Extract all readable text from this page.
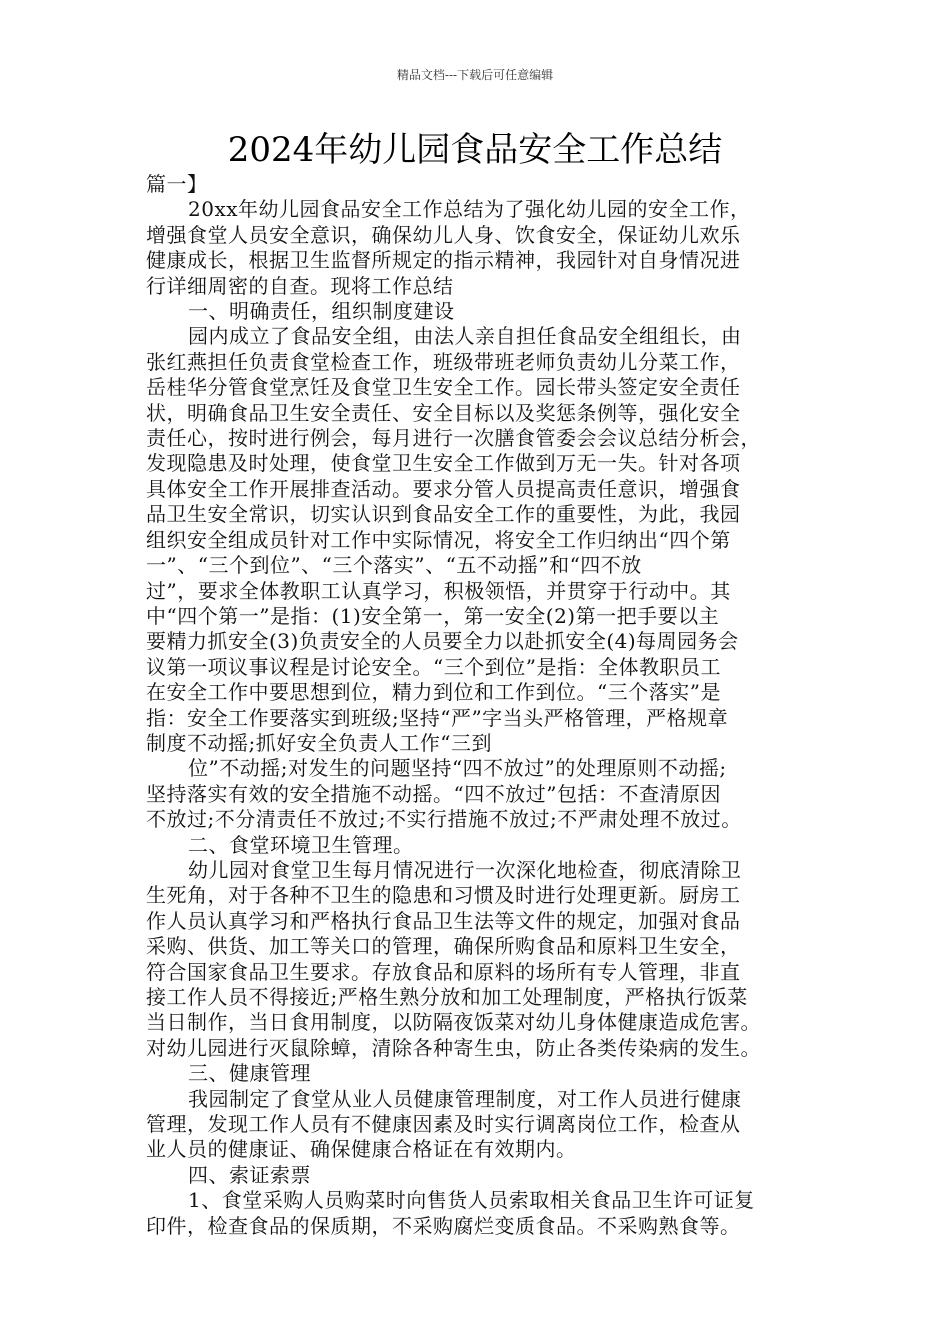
精品文档---下载后可任意编辑
2024年幼儿园食品安全工作总结

篇一】

20xx年幼儿园食品安全工作总结为了强化幼儿园的安全工作，
增强食堂人员安全意识，确保幼儿人身、饮食安全，保证幼儿欢乐
健康成长，根据卫生监督所规定的指示精神，我园针对自身情况进
行详细周密的自查。现将工作总结

一、明确责任，组织制度建设

园内成立了食品安全组，由法人亲自担任食品安全组组长，由
张红燕担任负责食堂检查工作，班级带班老师负责幼儿分菜工作，
岳桂华分管食堂烹饪及食堂卫生安全工作。园长带头签定安全责任
状，明确食品卫生安全责任、安全目标以及奖惩条例等，强化安全
责任心，按时进行例会，每月进行一次膳食管委会会议总结分析会，
发现隐患及时处理，使食堂卫生安全工作做到万无一失。针对各项
具体安全工作开展排查活动。要求分管人员提高责任意识，增强食
品卫生安全常识，切实认识到食品安全工作的重要性，为此，我园
组织安全组成员针对工作中实际情况，将安全工作归纳出“四个第
一”、“三个到位”、“三个落实”、“五不动摇”和“四不放
过”，要求全体教职工认真学习，积极领悟，并贯穿于行动中。其
中“四个第一”是指：(1)安全第一，第一安全(2)第一把手要以主
要精力抓安全(3)负责安全的人员要全力以赴抓安全(4)每周园务会
议第一项议事议程是讨论安全。“三个到位”是指：全体教职员工
在安全工作中要思想到位，精力到位和工作到位。“三个落实”是
指：安全工作要落实到班级;坚持“严”字当头严格管理，严格规章
制度不动摇;抓好安全负责人工作“三到

位”不动摇;对发生的问题坚持“四不放过”的处理原则不动摇;
坚持落实有效的安全措施不动摇。“四不放过”包括：不查清原因
不放过;不分清责任不放过;不实行措施不放过;不严肃处理不放过。

二、食堂环境卫生管理。

幼儿园对食堂卫生每月情况进行一次深化地检查，彻底清除卫
生死角，对于各种不卫生的隐患和习惯及时进行处理更新。厨房工
作人员认真学习和严格执行食品卫生法等文件的规定，加强对食品
采购、供货、加工等关口的管理，确保所购食品和原料卫生安全，
符合国家食品卫生要求。存放食品和原料的场所有专人管理，非直
接工作人员不得接近;严格生熟分放和加工处理制度，严格执行饭菜
当日制作，当日食用制度，以防隔夜饭菜对幼儿身体健康造成危害。
对幼儿园进行灭鼠除蟑，清除各种寄生虫，防止各类传染病的发生。

三、健康管理

我园制定了食堂从业人员健康管理制度，对工作人员进行健康
管理，发现工作人员有不健康因素及时实行调离岗位工作，检查从
业人员的健康证、确保健康合格证在有效期内。

四、索证索票

1、食堂采购人员购菜时向售货人员索取相关食品卫生许可证复
印件，检查食品的保质期，不采购腐烂变质食品。不采购熟食等。
